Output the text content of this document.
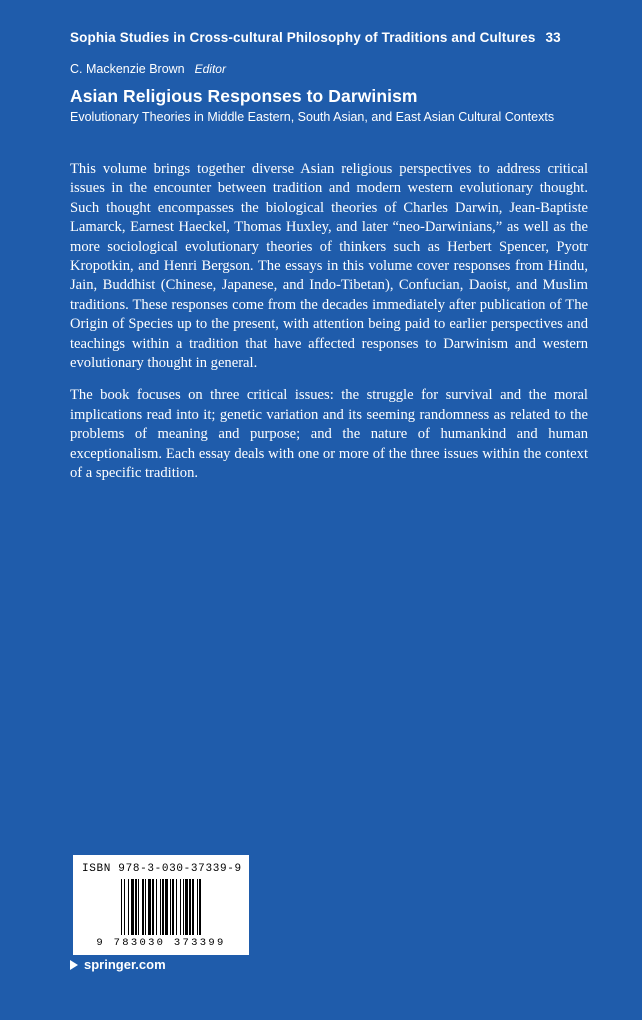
Sophia Studies in Cross-cultural Philosophy of Traditions and Cultures 33
C. Mackenzie Brown Editor
Asian Religious Responses to Darwinism
Evolutionary Theories in Middle Eastern, South Asian, and East Asian Cultural Contexts

This volume brings together diverse Asian religious perspectives to address critical issues in the encounter between tradition and modern western evolutionary thought. Such thought encompasses the biological theories of Charles Darwin, Jean-Baptiste Lamarck, Earnest Haeckel, Thomas Huxley, and later “neo-Darwinians,” as well as the more sociological evolutionary theories of thinkers such as Herbert Spencer, Pyotr Kropotkin, and Henri Bergson. The essays in this volume cover responses from Hindu, Jain, Buddhist (Chinese, Japanese, and Indo-Tibetan), Confucian, Daoist, and Muslim traditions. These responses come from the decades immediately after publication of The Origin of Species up to the present, with attention being paid to earlier perspectives and teachings within a tradition that have affected responses to Darwinism and western evolutionary thought in general.

The book focuses on three critical issues: the struggle for survival and the moral implications read into it; genetic variation and its seeming randomness as related to the problems of meaning and purpose; and the nature of humankind and human exceptionalism. Each essay deals with one or more of the three issues within the context of a specific tradition.

ISBN 978-3-030-37339-9
9 783030 373399
springer.com
